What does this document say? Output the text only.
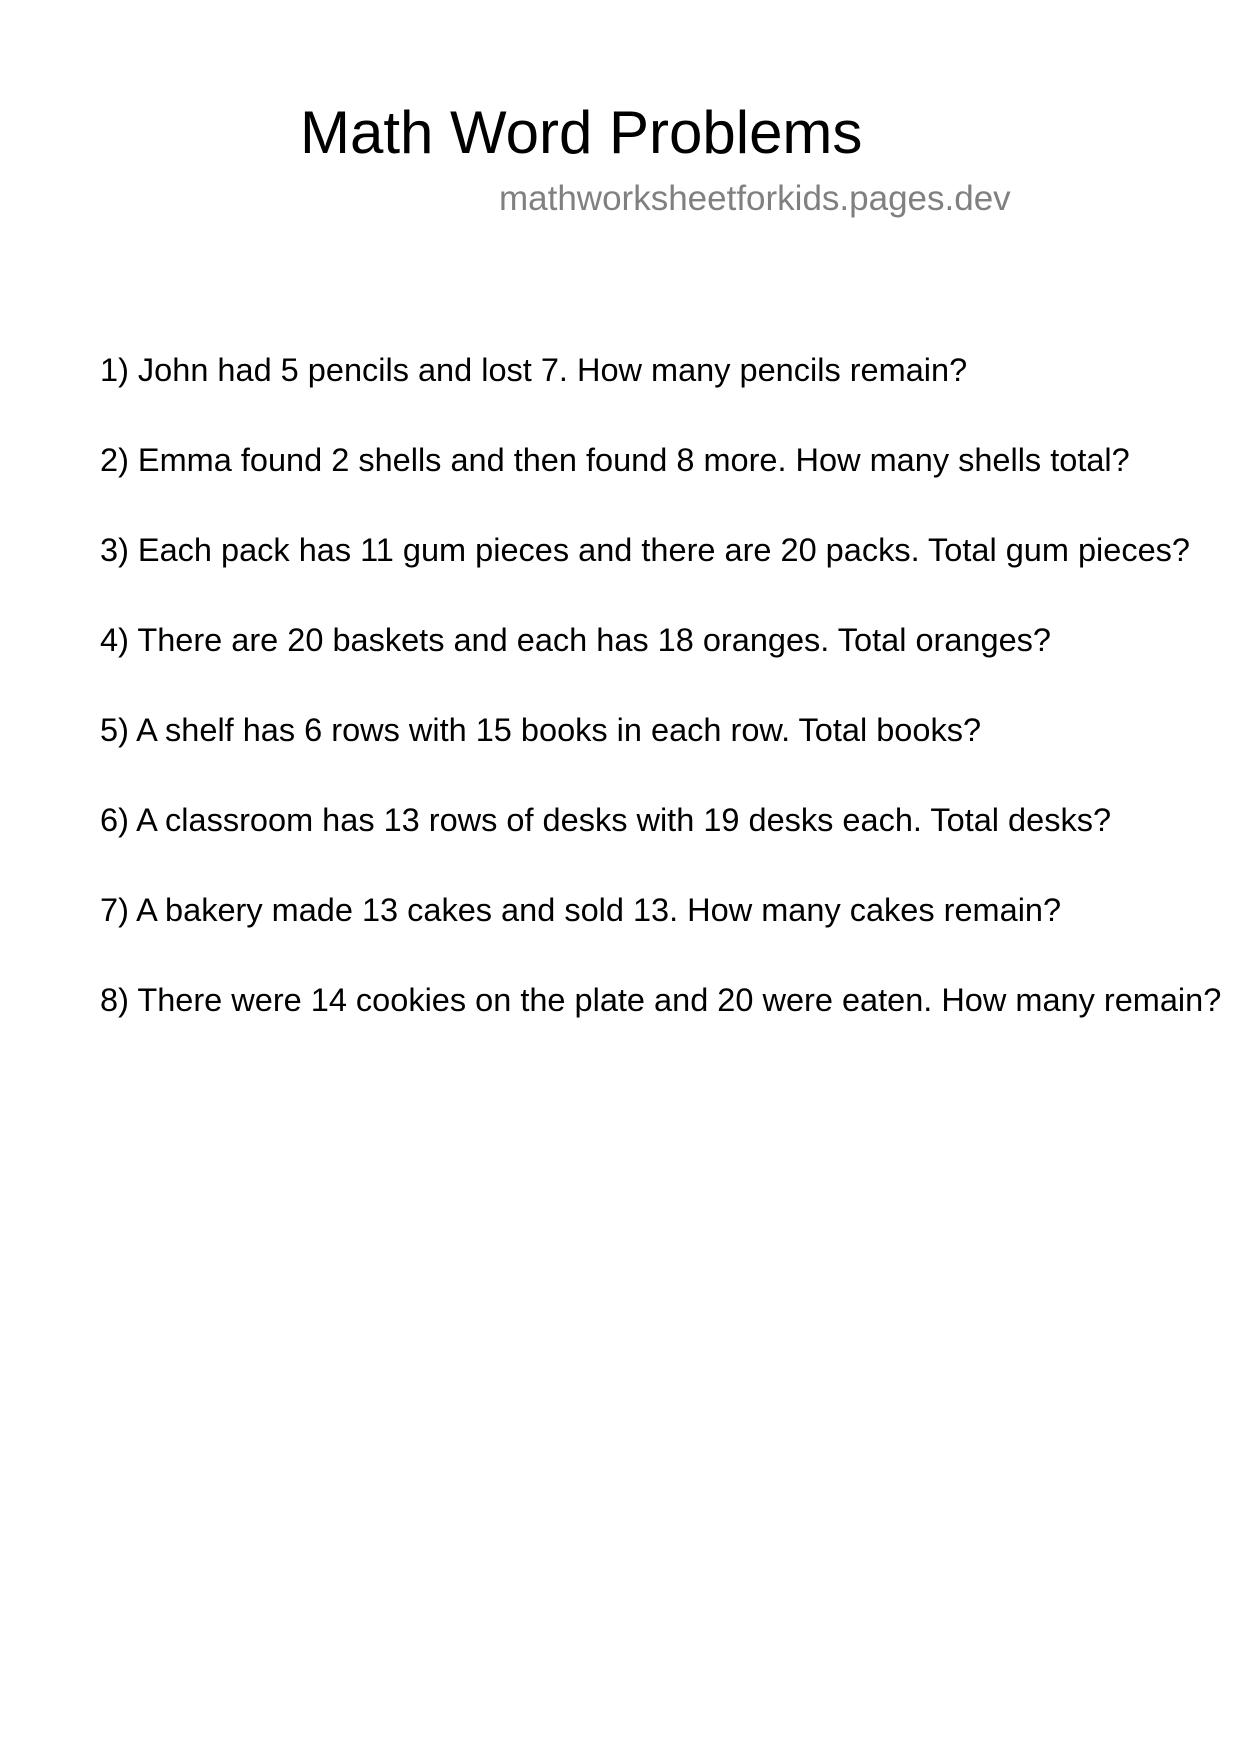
Math Word Problems
mathworksheetforkids.pages.dev
1) John had 5 pencils and lost 7. How many pencils remain?
2) Emma found 2 shells and then found 8 more. How many shells total?
3) Each pack has 11 gum pieces and there are 20 packs. Total gum pieces?
4) There are 20 baskets and each has 18 oranges. Total oranges?
5) A shelf has 6 rows with 15 books in each row. Total books?
6) A classroom has 13 rows of desks with 19 desks each. Total desks?
7) A bakery made 13 cakes and sold 13. How many cakes remain?
8) There were 14 cookies on the plate and 20 were eaten. How many remain?
